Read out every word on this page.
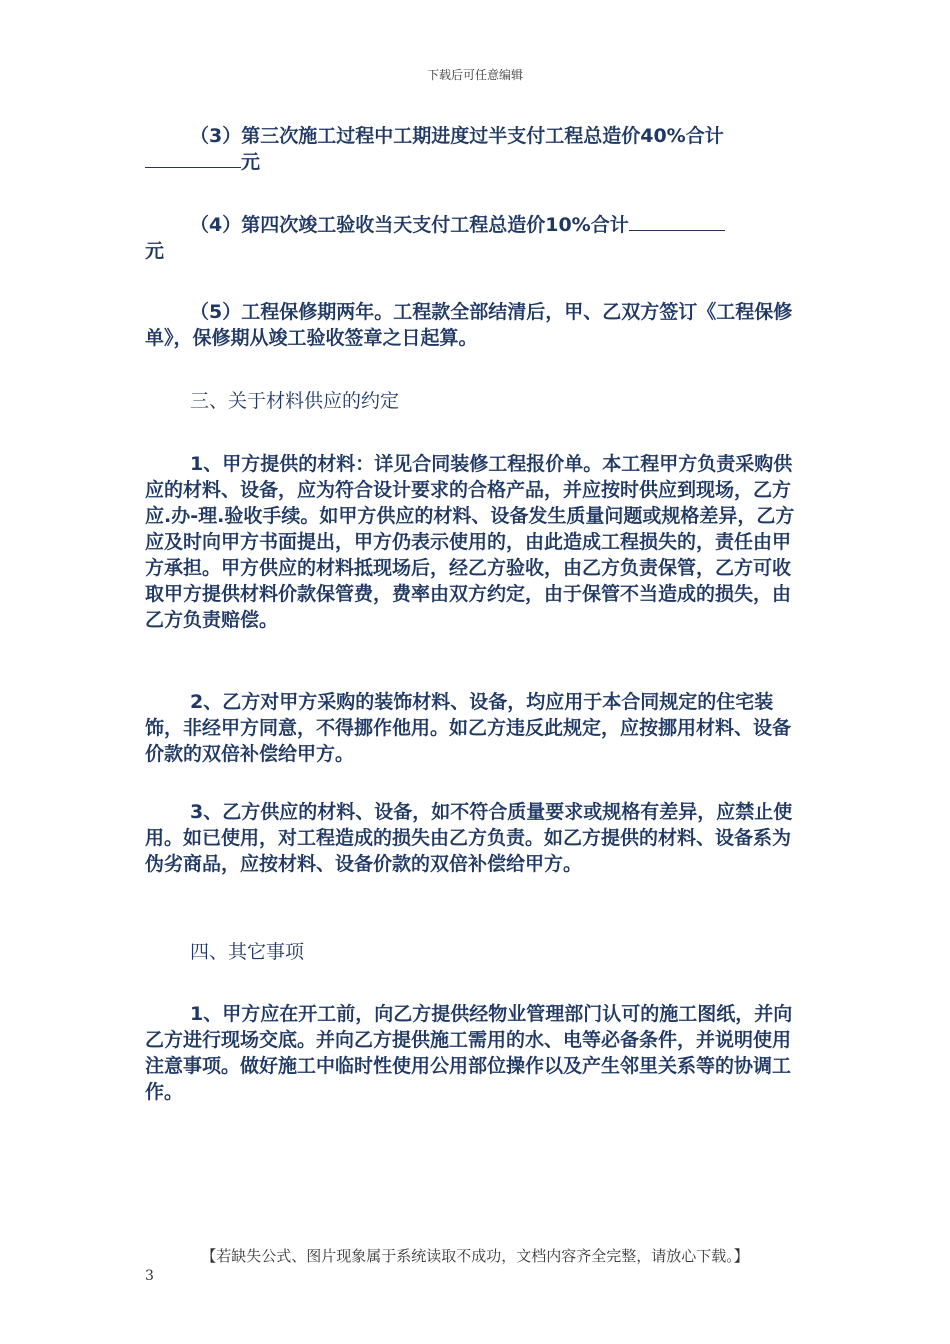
下载后可任意编辑

（3）第三次施工过程中工期进度过半支付工程总造价40%合计

元

（4）第四次竣工验收当天支付工程总造价10%合计

元

（5）工程保修期两年。工程款全部结清后，甲、乙双方签订《工程保修单》，保修期从竣工验收签章之日起算。

三、关于材料供应的约定

1、甲方提供的材料：详见合同装修工程报价单。本工程甲方负责采购供应的材料、设备，应为符合设计要求的合格产品，并应按时供应到现场，乙方应.办-理.验收手续。如甲方供应的材料、设备发生质量问题或规格差异，乙方应及时向甲方书面提出，甲方仍表示使用的，由此造成工程损失的，责任由甲方承担。甲方供应的材料抵现场后，经乙方验收，由乙方负责保管，乙方可收取甲方提供材料价款保管费，费率由双方约定，由于保管不当造成的损失，由乙方负责赔偿。

2、乙方对甲方采购的装饰材料、设备，均应用于本合同规定的住宅装饰，非经甲方同意，不得挪作他用。如乙方违反此规定，应按挪用材料、设备价款的双倍补偿给甲方。

3、乙方供应的材料、设备，如不符合质量要求或规格有差异，应禁止使用。如已使用，对工程造成的损失由乙方负责。如乙方提供的材料、设备系为伪劣商品，应按材料、设备价款的双倍补偿给甲方。

四、其它事项

1、甲方应在开工前，向乙方提供经物业管理部门认可的施工图纸，并向乙方进行现场交底。并向乙方提供施工需用的水、电等必备条件，并说明使用注意事项。做好施工中临时性使用公用部位操作以及产生邻里关系等的协调工作。

【若缺失公式、图片现象属于系统读取不成功，文档内容齐全完整，请放心下载。】
3
